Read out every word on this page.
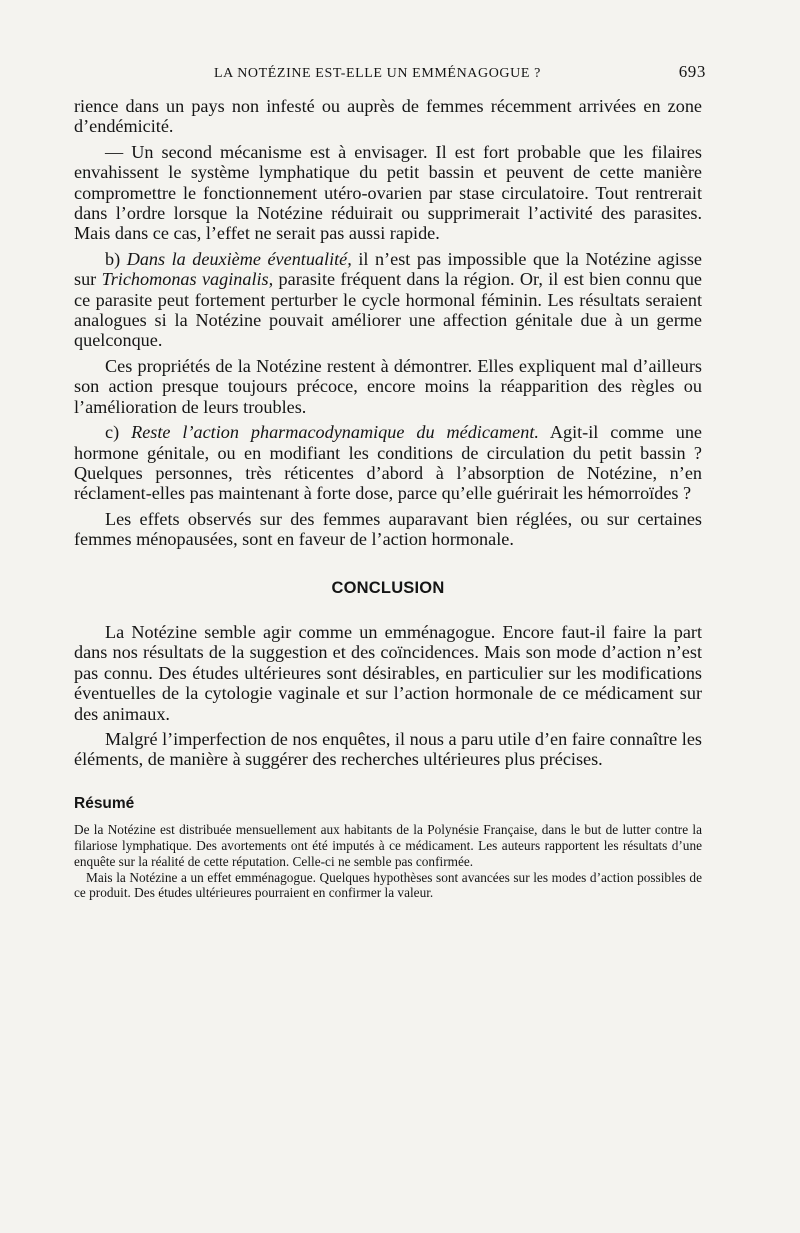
LA NOTÉZINE EST-ELLE UN EMMÉNAGOGUE ?	693

rience dans un pays non infesté ou auprès de femmes récemment arrivées en zone d’endémicité.

— Un second mécanisme est à envisager. Il est fort probable que les filaires envahissent le système lymphatique du petit bassin et peuvent de cette manière compromettre le fonctionnement utéro-ovarien par stase circulatoire. Tout rentrerait dans l’ordre lorsque la Notézine réduirait ou supprimerait l’activité des parasites. Mais dans ce cas, l’effet ne serait pas aussi rapide.

b) Dans la deuxième éventualité, il n’est pas impossible que la Notézine agisse sur Trichomonas vaginalis, parasite fréquent dans la région. Or, il est bien connu que ce parasite peut fortement perturber le cycle hormonal féminin. Les résultats seraient analogues si la Notézine pouvait améliorer une affection génitale due à un germe quelconque.

Ces propriétés de la Notézine restent à démontrer. Elles expliquent mal d’ailleurs son action presque toujours précoce, encore moins la réapparition des règles ou l’amélioration de leurs troubles.

c) Reste l’action pharmacodynamique du médicament. Agit-il comme une hormone génitale, ou en modifiant les conditions de circulation du petit bassin ? Quelques personnes, très réticentes d’abord à l’absorption de Notézine, n’en réclament-elles pas maintenant à forte dose, parce qu’elle guérirait les hémorroïdes ?

Les effets observés sur des femmes auparavant bien réglées, ou sur certaines femmes ménopausées, sont en faveur de l’action hormonale.

CONCLUSION

La Notézine semble agir comme un emménagogue. Encore faut-il faire la part dans nos résultats de la suggestion et des coïncidences. Mais son mode d’action n’est pas connu. Des études ultérieures sont désirables, en particulier sur les modifications éventuelles de la cytologie vaginale et sur l’action hormonale de ce médicament sur des animaux.

Malgré l’imperfection de nos enquêtes, il nous a paru utile d’en faire connaître les éléments, de manière à suggérer des recherches ultérieures plus précises.

Résumé

De la Notézine est distribuée mensuellement aux habitants de la Polynésie Française, dans le but de lutter contre la filariose lymphatique. Des avortements ont été imputés à ce médicament. Les auteurs rapportent les résultats d’une enquête sur la réalité de cette réputation. Celle-ci ne semble pas confirmée.

Mais la Notézine a un effet emménagogue. Quelques hypothèses sont avancées sur les modes d’action possibles de ce produit. Des études ultérieures pourraient en confirmer la valeur.
